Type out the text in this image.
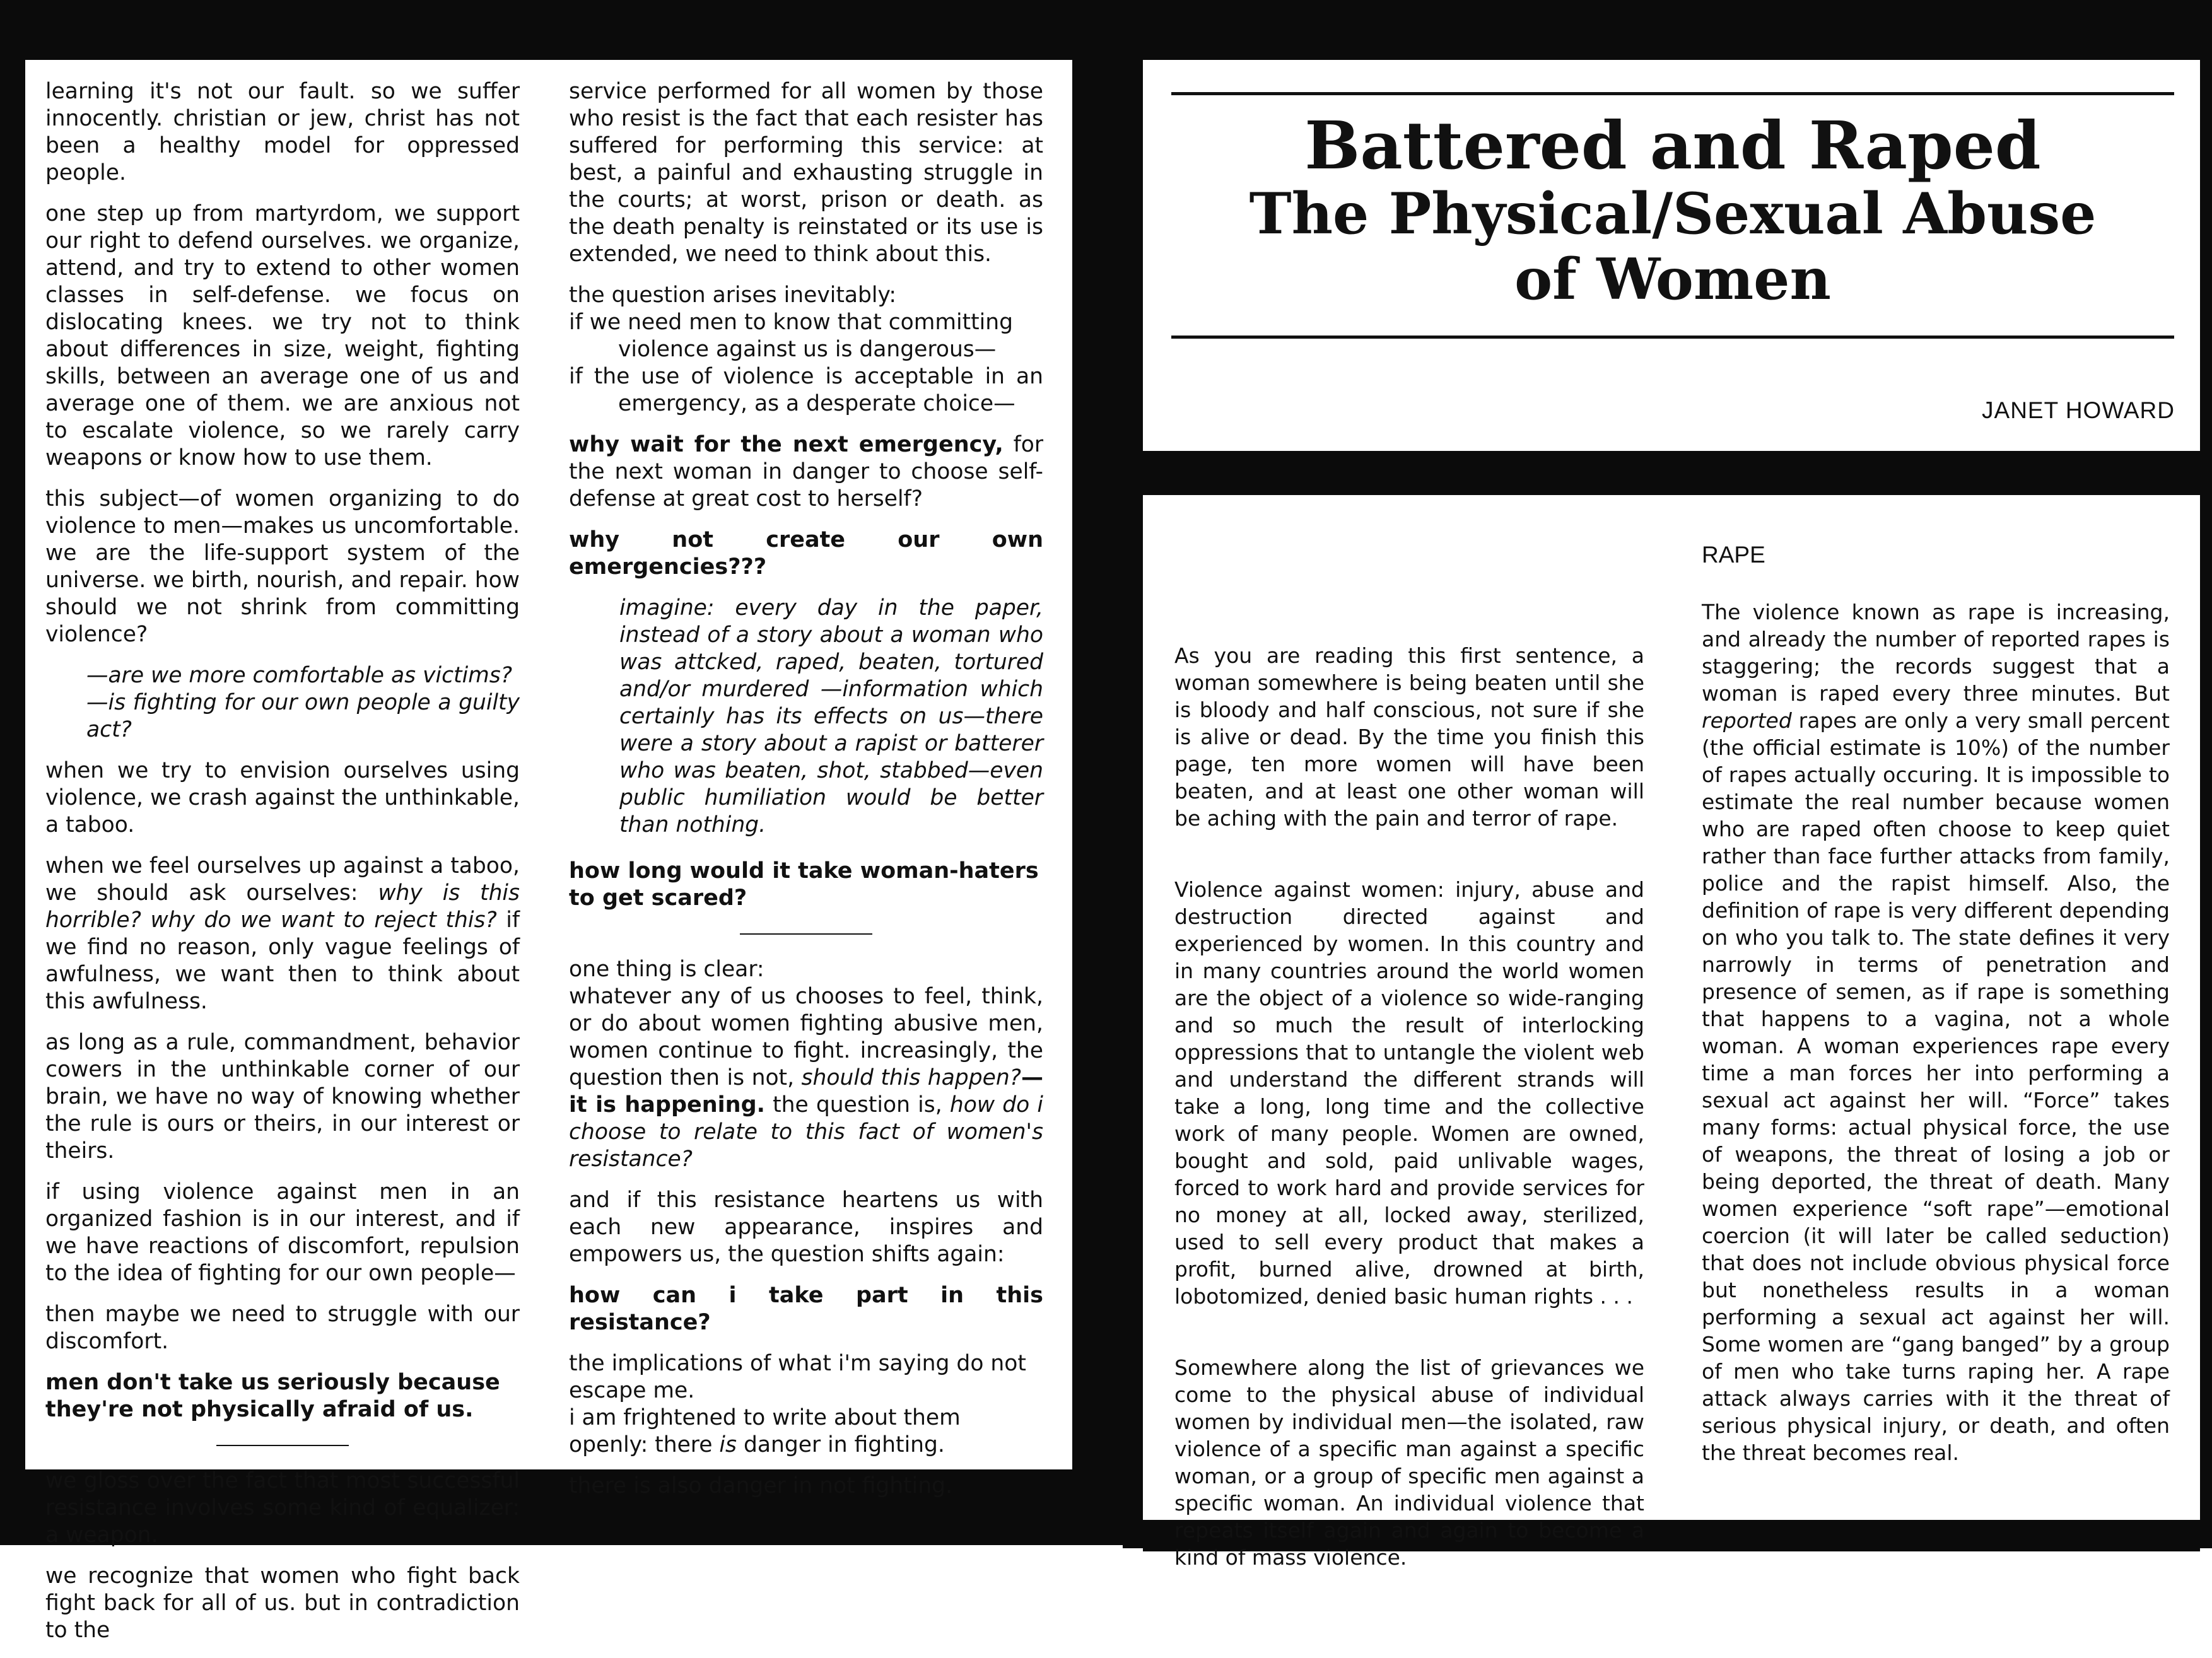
learning it's not our fault. so we suffer innocently. christian or jew, christ has not been a healthy model for oppressed people.

one step up from martyrdom, we support our right to defend ourselves. we organize, attend, and try to extend to other women classes in self-defense. we focus on dislocating knees. we try not to think about differences in size, weight, fighting skills, between an average one of us and average one of them. we are anxious not to escalate violence, so we rarely carry weapons or know how to use them.

this subject—of women organizing to do violence to men—makes us uncomfortable. we are the life-support system of the universe. we birth, nourish, and repair. how should we not shrink from committing violence?

—are we more comfortable as victims?

—is fighting for our own people a guilty act?

when we try to envision ourselves using violence, we crash against the unthinkable, a taboo.

when we feel ourselves up against a taboo, we should ask ourselves: why is this horrible? why do we want to reject this? if we find no reason, only vague feelings of awfulness, we want then to think about this awfulness.

as long as a rule, commandment, behavior cowers in the unthinkable corner of our brain, we have no way of knowing whether the rule is ours or theirs, in our interest or theirs.

if using violence against men in an organized fashion is in our interest, and if we have reactions of discomfort, repulsion to the idea of fighting for our own people—

then maybe we need to struggle with our discomfort.

men don't take us seriously because they're not physically afraid of us.

we gloss over the fact that most successful resistance involves some kind of equalizer: a weapon.

we recognize that women who fight back fight back for all of us. but in contradiction to the

service performed for all women by those who resist is the fact that each resister has suffered for performing this service: at best, a painful and exhausting struggle in the courts; at worst, prison or death. as the death penalty is reinstated or its use is extended, we need to think about this.

the question arises inevitably:

if we need men to know that committing violence against us is dangerous—

if the use of violence is acceptable in an emergency, as a desperate choice—

why wait for the next emergency, for the next woman in danger to choose self-defense at great cost to herself?

why not create our own emergencies???

imagine: every day in the paper, instead of a story about a woman who was attcked, raped, beaten, tortured and/or murdered —information which certainly has its effects on us—there were a story about a rapist or batterer who was beaten, shot, stabbed—even public humiliation would be better than nothing.

how long would it take woman-haters to get scared?

one thing is clear:

whatever any of us chooses to feel, think, or do about women fighting abusive men, women continue to fight. increasingly, the question then is not, should this happen?—it is happening. the question is, how do i choose to relate to this fact of women's resistance?

and if this resistance heartens us with each new appearance, inspires and empowers us, the question shifts again:

how can i take part in this resistance?

the implications of what i'm saying do not escape me.

i am frightened to write about them openly: there is danger in fighting.

there is also danger in not fighting.

Battered and Raped
The Physical/Sexual Abuse
of Women
JANET HOWARD

As you are reading this first sentence, a woman somewhere is being beaten until she is bloody and half conscious, not sure if she is alive or dead. By the time you finish this page, ten more women will have been beaten, and at least one other woman will be aching with the pain and terror of rape.

Violence against women: injury, abuse and destruction directed against and experienced by women. In this country and in many countries around the world women are the object of a violence so wide-ranging and so much the result of interlocking oppressions that to untangle the violent web and understand the different strands will take a long, long time and the collective work of many people. Women are owned, bought and sold, paid unlivable wages, forced to work hard and provide services for no money at all, locked away, sterilized, used to sell every product that makes a profit, burned alive, drowned at birth, lobotomized, denied basic human rights . . .

Somewhere along the list of grievances we come to the physical abuse of individual women by individual men—the isolated, raw violence of a specific man against a specific woman, or a group of specific men against a specific woman. An individual violence that repeats itself again and again to become a kind of mass violence.

RAPE

The violence known as rape is increasing, and already the number of reported rapes is staggering; the records suggest that a woman is raped every three minutes. But reported rapes are only a very small percent (the official estimate is 10%) of the number of rapes actually occuring. It is impossible to estimate the real number because women who are raped often choose to keep quiet rather than face further attacks from family, police and the rapist himself. Also, the definition of rape is very different depending on who you talk to. The state defines it very narrowly in terms of penetration and presence of semen, as if rape is something that happens to a vagina, not a whole woman. A woman experiences rape every time a man forces her into performing a sexual act against her will. “Force” takes many forms: actual physical force, the use of weapons, the threat of losing a job or being deported, the threat of death. Many women experience “soft rape”—emotional coercion (it will later be called seduction) that does not include obvious physical force but nonetheless results in a woman performing a sexual act against her will. Some women are “gang banged” by a group of men who take turns raping her. A rape attack always carries with it the threat of serious physical injury, or death, and often the threat becomes real.
